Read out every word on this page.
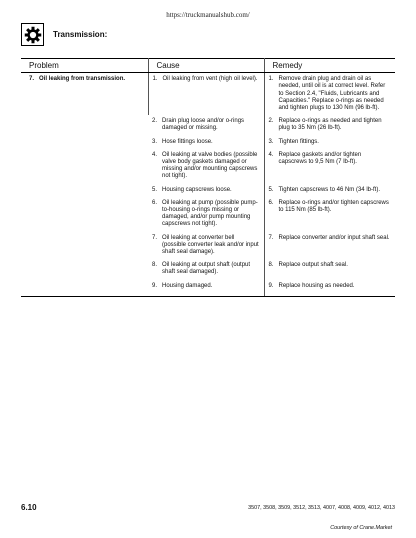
https://truckmanualshub.com/
Transmission:
Problem	Cause	Remedy

7. Oil leaking from transmission.	1. Oil leaking from vent (high oil level).	1. Remove drain plug and drain oil as needed, until oil is at correct level. Refer to Section 2.4, "Fluids, Lubricants and Capacities." Replace o-rings as needed and tighten plugs to 130 Nm (96 lb-ft).

	2. Drain plug loose and/or o-rings damaged or missing.	2. Replace o-rings as needed and tighten plug to 35 Nm (26 lb-ft).

	3. Hose fittings loose.	3. Tighten fittings.

	4. Oil leaking at valve bodies (possible valve body gaskets damaged or missing and/or mounting capscrews not tight).	4. Replace gaskets and/or tighten capscrews to 9,5 Nm (7 lb-ft).

	5. Housing capscrews loose.	5. Tighten capscrews to 46 Nm (34 lb-ft).

	6. Oil leaking at pump (possible pump-to-housing o-rings missing or damaged, and/or pump mounting capscrews not tight).	6. Replace o-rings and/or tighten capscrews to 115 Nm (85 lb-ft).

	7. Oil leaking at converter bell (possible converter leak and/or input shaft seal damage).	7. Replace converter and/or input shaft seal.

	8. Oil leaking at output shaft (output shaft seal damaged).	8. Replace output shaft seal.

	9. Housing damaged.	9. Replace housing as needed.
6.10	3507, 3508, 3509, 3512, 3513, 4007, 4008, 4009, 4012, 4013
Courtesy of Crane.Market
